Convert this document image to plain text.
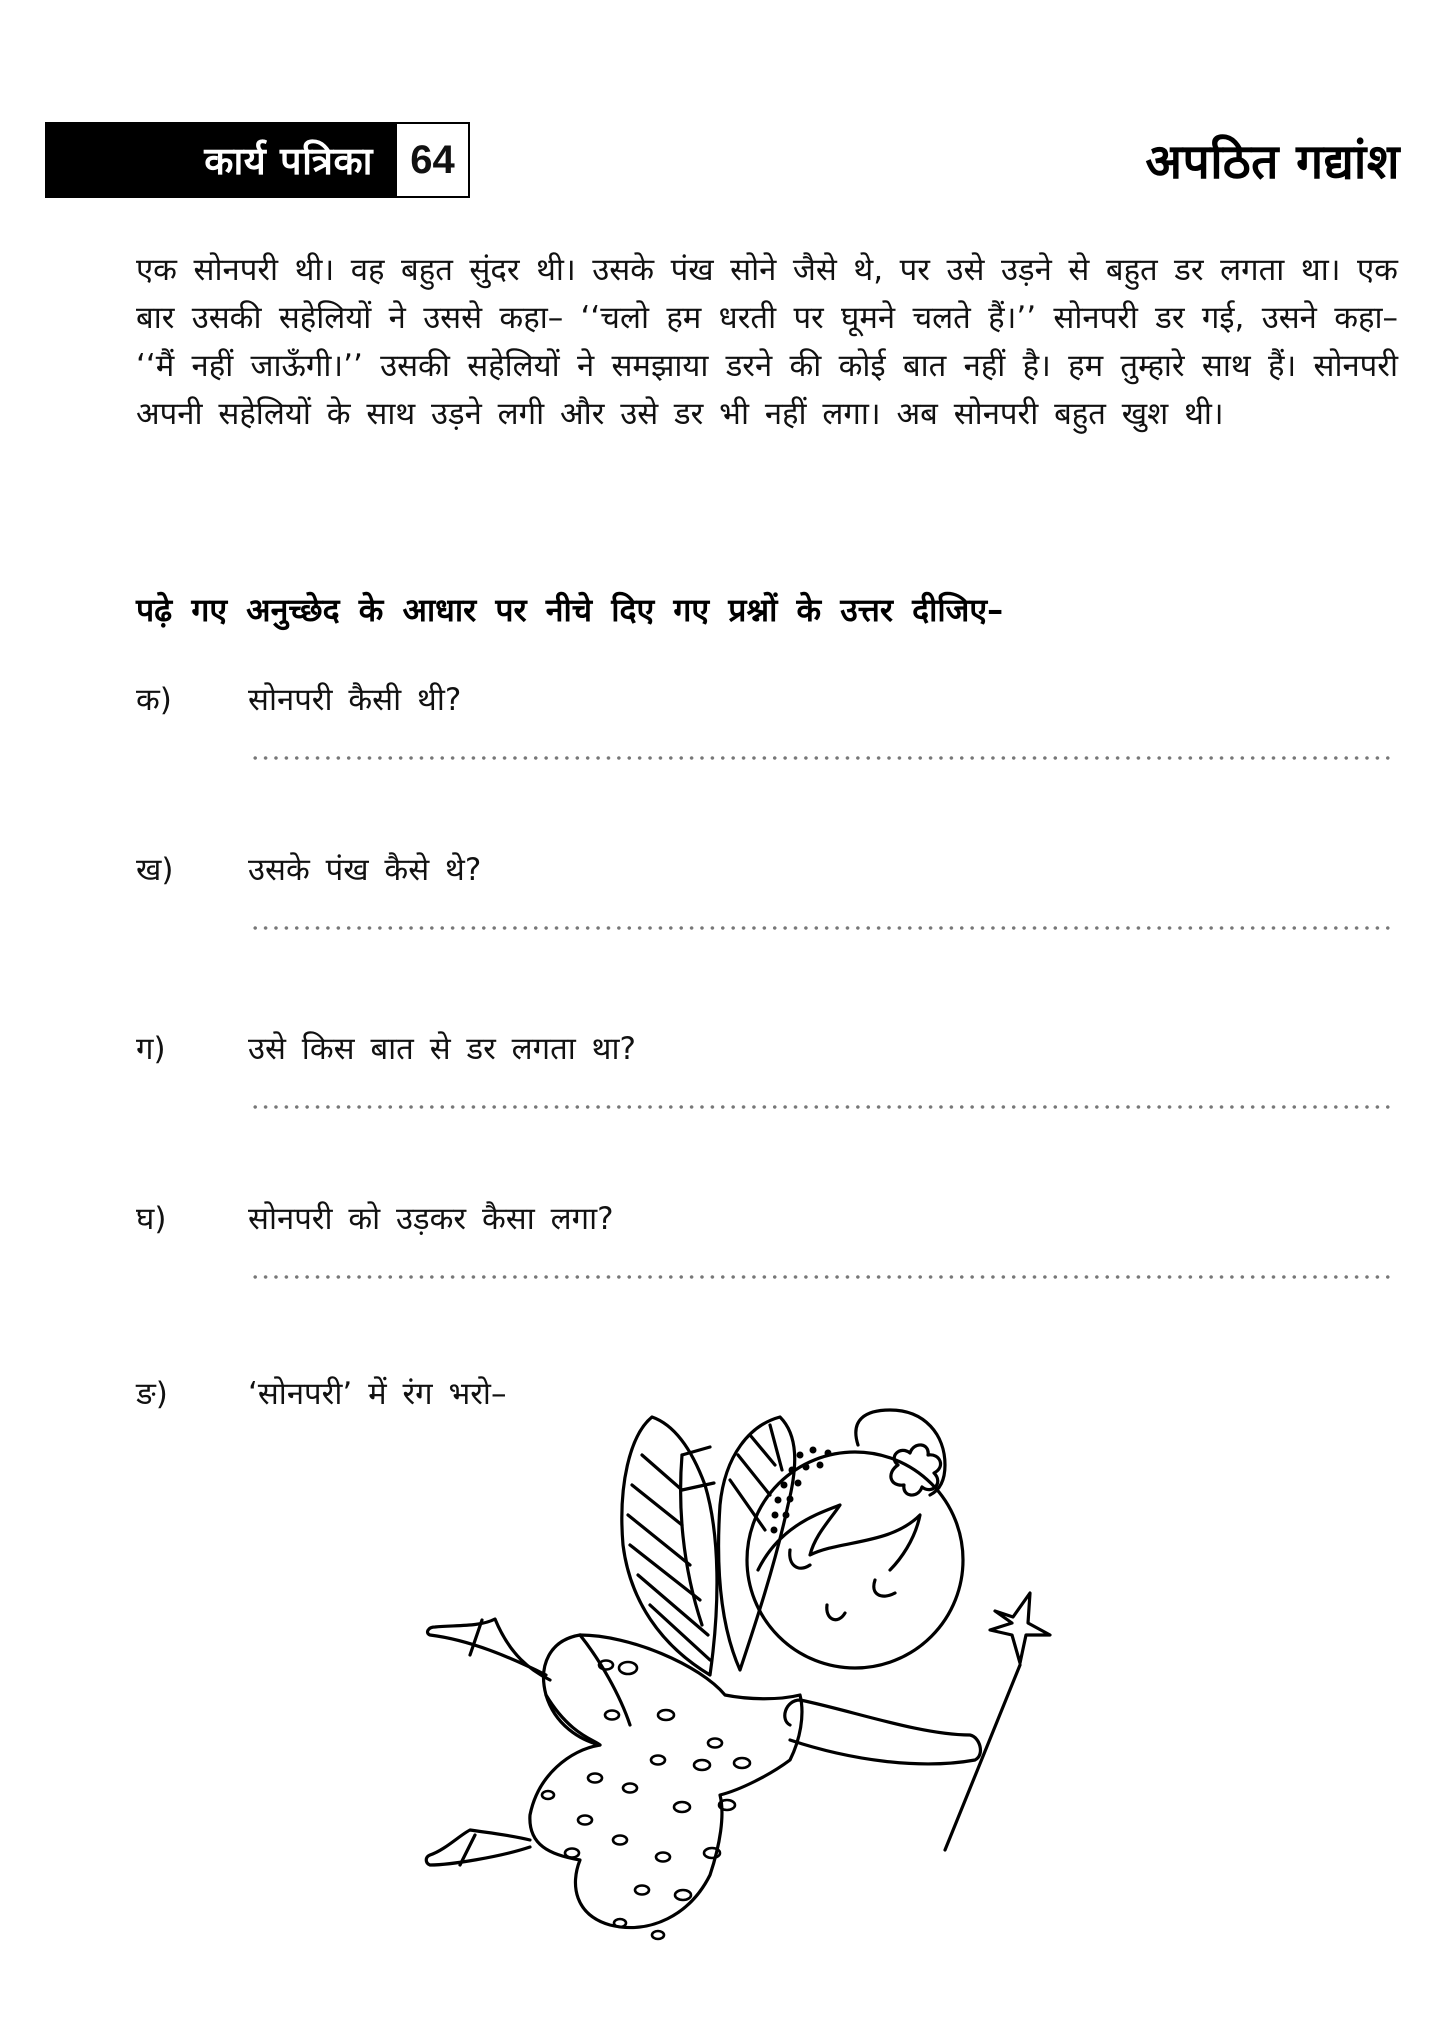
कार्य पत्रिका 64	अपठित गद्यांश
एक सोनपरी थी। वह बहुत सुंदर थी। उसके पंख सोने जैसे थे, पर उसे उड़ने से बहुत डर लगता था। एक बार उसकी सहेलियों ने उससे कहा– ‘‘चलो हम धरती पर घूमने चलते हैं।’’ सोनपरी डर गई, उसने कहा– ‘‘मैं नहीं जाऊँगी।’’ उसकी सहेलियों ने समझाया डरने की कोई बात नहीं है। हम तुम्हारे साथ हैं। सोनपरी अपनी सहेलियों के साथ उड़ने लगी और उसे डर भी नहीं लगा। अब सोनपरी बहुत खुश थी।
पढ़े गए अनुच्छेद के आधार पर नीचे दिए गए प्रश्नों के उत्तर दीजिए–
क) सोनपरी कैसी थी?
ख) उसके पंख कैसे थे?
ग)	उसे किस बात से डर लगता था?
घ)	सोनपरी को उड़कर कैसा लगा?
ङ)	‘सोनपरी’ में रंग भरो–
